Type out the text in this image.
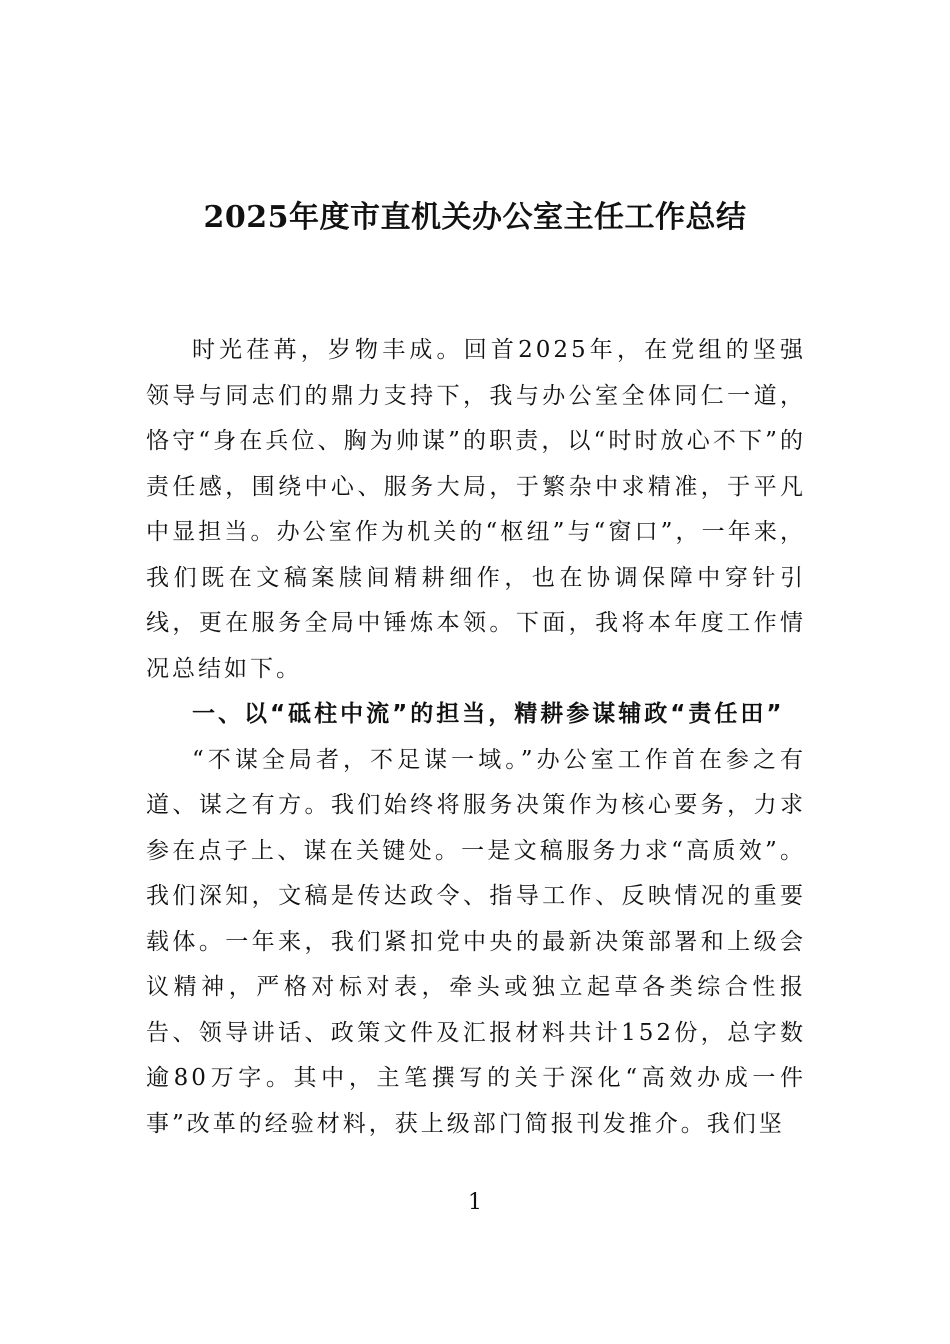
2025年度市直机关办公室主任工作总结

时光荏苒，岁物丰成。回首2025年，在党组的坚强领导与同志们的鼎力支持下，我与办公室全体同仁一道，恪守“身在兵位、胸为帅谋”的职责，以“时时放心不下”的责任感，围绕中心、服务大局，于繁杂中求精准，于平凡中显担当。办公室作为机关的“枢纽”与“窗口”，一年来，我们既在文稿案牍间精耕细作，也在协调保障中穿针引线，更在服务全局中锤炼本领。下面，我将本年度工作情况总结如下。

一、以“砥柱中流”的担当，精耕参谋辅政“责任田”

“不谋全局者，不足谋一域。”办公室工作首在参之有道、谋之有方。我们始终将服务决策作为核心要务，力求参在点子上、谋在关键处。一是文稿服务力求“高质效”。我们深知，文稿是传达政令、指导工作、反映情况的重要载体。一年来，我们紧扣党中央的最新决策部署和上级会议精神，严格对标对表，牵头或独立起草各类综合性报告、领导讲话、政策文件及汇报材料共计152份，总字数逾80万字。其中，主笔撰写的关于深化“高效办成一件事”改革的经验材料，获上级部门简报刊发推介。我们坚

1
